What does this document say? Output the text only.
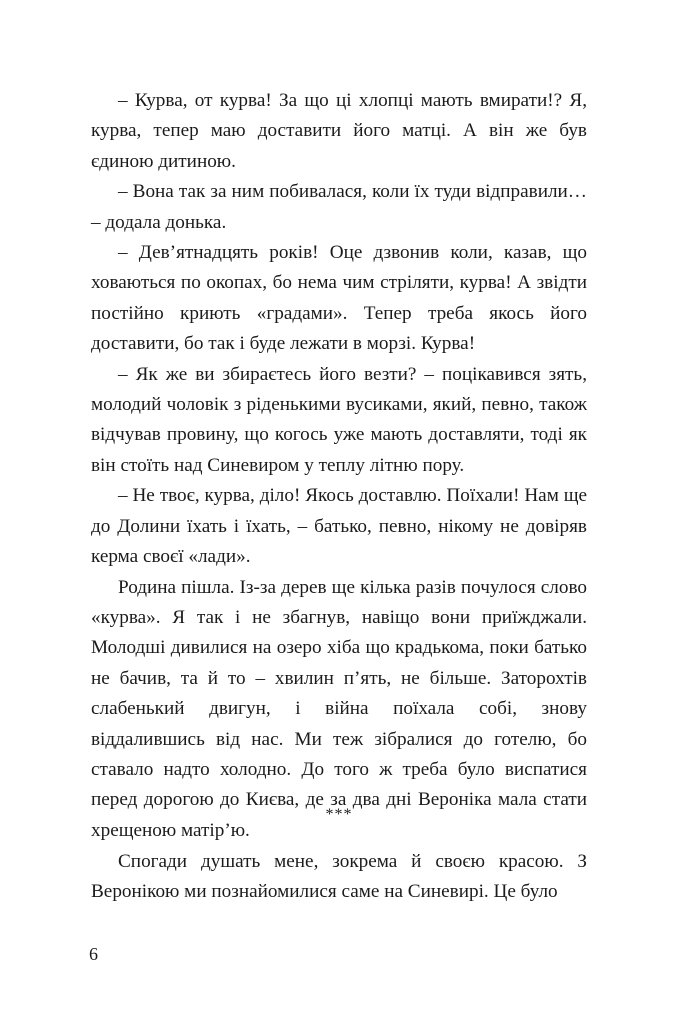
– Курва, от курва! За що ці хлопці мають вмирати!? Я, курва, тепер маю доставити його матці. А він же був єдиною дитиною.

– Вона так за ним побивалася, коли їх туди відправили… – додала донька.

– Дев’ятнадцять років! Оце дзвонив коли, казав, що ховаються по окопах, бо нема чим стріляти, курва! А звідти постійно криють «градами». Тепер треба якось його доставити, бо так і буде лежати в морзі. Курва!

– Як же ви збираєтесь його везти? – поцікавився зять, молодий чоловік з ріденькими вусиками, який, певно, також відчував провину, що когось уже мають доставляти, тоді як він стоїть над Синевиром у теплу літню пору.

– Не твоє, курва, діло! Якось доставлю. Поїхали! Нам ще до Долини їхать і їхать, – батько, певно, нікому не довіряв керма своєї «лади».

Родина пішла. Із-за дерев ще кілька разів почулося слово «курва». Я так і не збагнув, навіщо вони приїжджали. Молодші дивилися на озеро хіба що крадькома, поки батько не бачив, та й то – хвилин п’ять, не більше. Заторохтів слабенький двигун, і війна поїхала собі, знову віддалившись від нас. Ми теж зібралися до готелю, бо ставало надто холодно. До того ж треба було виспатися перед дорогою до Києва, де за два дні Вероніка мала стати хрещеною матір’ю.

***

Спогади душать мене, зокрема й своєю красою. З Веронікою ми познайомилися саме на Синевирі. Це було

6
